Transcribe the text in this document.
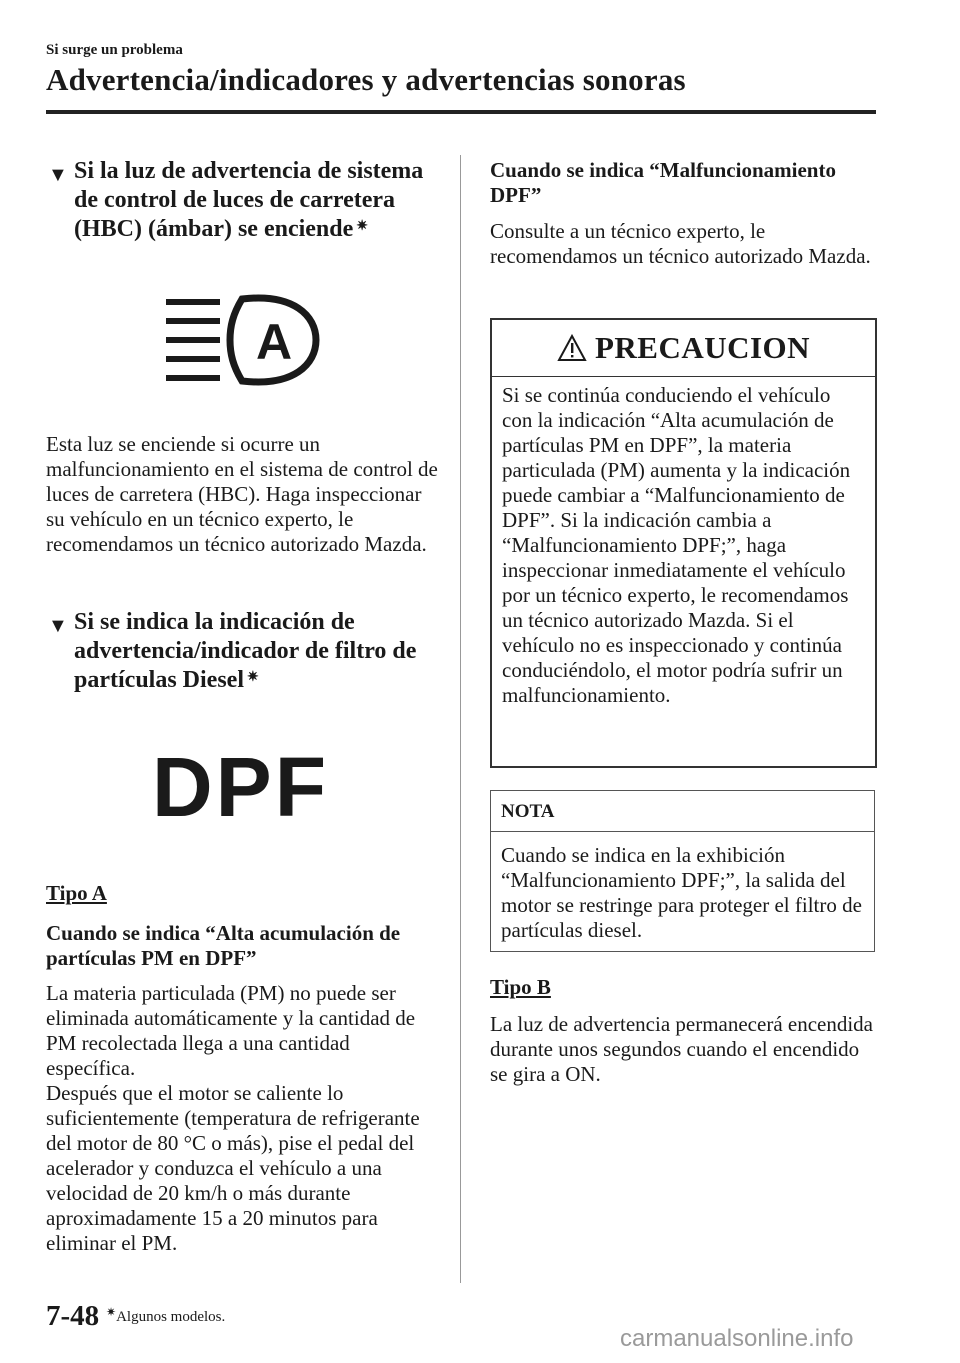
Si surge un problema
Advertencia/indicadores y advertencias sonoras
▼ Si la luz de advertencia de sistema de control de luces de carretera (HBC) (ámbar) se enciende ✷
A
Esta luz se enciende si ocurre un malfuncionamiento en el sistema de control de luces de carretera (HBC). Haga inspeccionar su vehículo en un técnico experto, le recomendamos un técnico autorizado Mazda.
▼ Si se indica la indicación de advertencia/indicador de filtro de partículas Diesel ✷
DPF
Tipo A
Cuando se indica “Alta acumulación de partículas PM en DPF”
La materia particulada (PM) no puede ser eliminada automáticamente y la cantidad de PM recolectada llega a una cantidad específica.
Después que el motor se caliente lo suficientemente (temperatura de refrigerante del motor de 80 °C o más), pise el pedal del acelerador y conduzca el vehículo a una velocidad de 20 km/h o más durante aproximadamente 15 a 20 minutos para eliminar el PM.
Cuando se indica “Malfuncionamiento DPF”
Consulte a un técnico experto, le recomendamos un técnico autorizado Mazda.
PRECAUCION
Si se continúa conduciendo el vehículo con la indicación “Alta acumulación de partículas PM en DPF”, la materia particulada (PM) aumenta y la indicación puede cambiar a “Malfuncionamiento de DPF”. Si la indicación cambia a “Malfuncionamiento DPF;”, haga inspeccionar inmediatamente el vehículo por un técnico experto, le recomendamos un técnico autorizado Mazda. Si el vehículo no es inspeccionado y continúa conduciéndolo, el motor podría sufrir un malfuncionamiento.
NOTA
Cuando se indica en la exhibición “Malfuncionamiento DPF;”, la salida del motor se restringe para proteger el filtro de partículas diesel.
Tipo B
La luz de advertencia permanecerá encendida durante unos segundos cuando el encendido se gira a ON.
7-48 ✷Algunos modelos.
carmanualsonline.info
